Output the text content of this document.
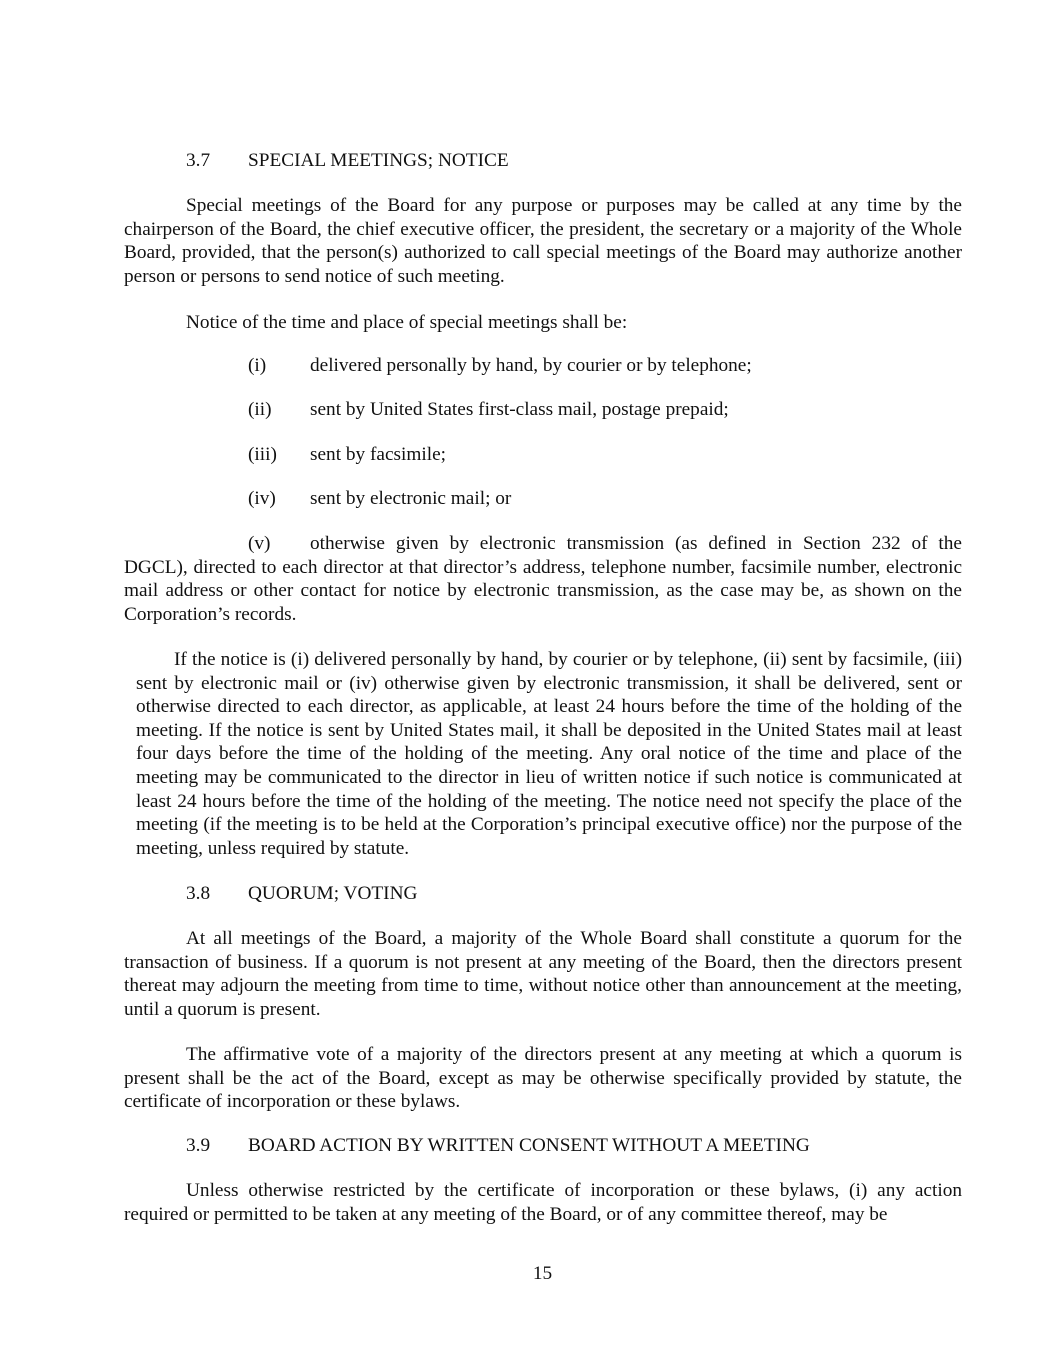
3.7 SPECIAL MEETINGS; NOTICE

Special meetings of the Board for any purpose or purposes may be called at any time by the chairperson of the Board, the chief executive officer, the president, the secretary or a majority of the Whole Board, provided, that the person(s) authorized to call special meetings of the Board may authorize another person or persons to send notice of such meeting.

Notice of the time and place of special meetings shall be:

(i) delivered personally by hand, by courier or by telephone;

(ii) sent by United States first-class mail, postage prepaid;

(iii) sent by facsimile;

(iv) sent by electronic mail; or

(v) otherwise given by electronic transmission (as defined in Section 232 of the DGCL), directed to each director at that director’s address, telephone number, facsimile number, electronic mail address or other contact for notice by electronic transmission, as the case may be, as shown on the Corporation’s records.

If the notice is (i) delivered personally by hand, by courier or by telephone, (ii) sent by facsimile, (iii) sent by electronic mail or (iv) otherwise given by electronic transmission, it shall be delivered, sent or otherwise directed to each director, as applicable, at least 24 hours before the time of the holding of the meeting. If the notice is sent by United States mail, it shall be deposited in the United States mail at least four days before the time of the holding of the meeting. Any oral notice of the time and place of the meeting may be communicated to the director in lieu of written notice if such notice is communicated at least 24 hours before the time of the holding of the meeting. The notice need not specify the place of the meeting (if the meeting is to be held at the Corporation’s principal executive office) nor the purpose of the meeting, unless required by statute.

3.8 QUORUM; VOTING

At all meetings of the Board, a majority of the Whole Board shall constitute a quorum for the transaction of business. If a quorum is not present at any meeting of the Board, then the directors present thereat may adjourn the meeting from time to time, without notice other than announcement at the meeting, until a quorum is present.

The affirmative vote of a majority of the directors present at any meeting at which a quorum is present shall be the act of the Board, except as may be otherwise specifically provided by statute, the certificate of incorporation or these bylaws.

3.9 BOARD ACTION BY WRITTEN CONSENT WITHOUT A MEETING

Unless otherwise restricted by the certificate of incorporation or these bylaws, (i) any action required or permitted to be taken at any meeting of the Board, or of any committee thereof, may be

15
